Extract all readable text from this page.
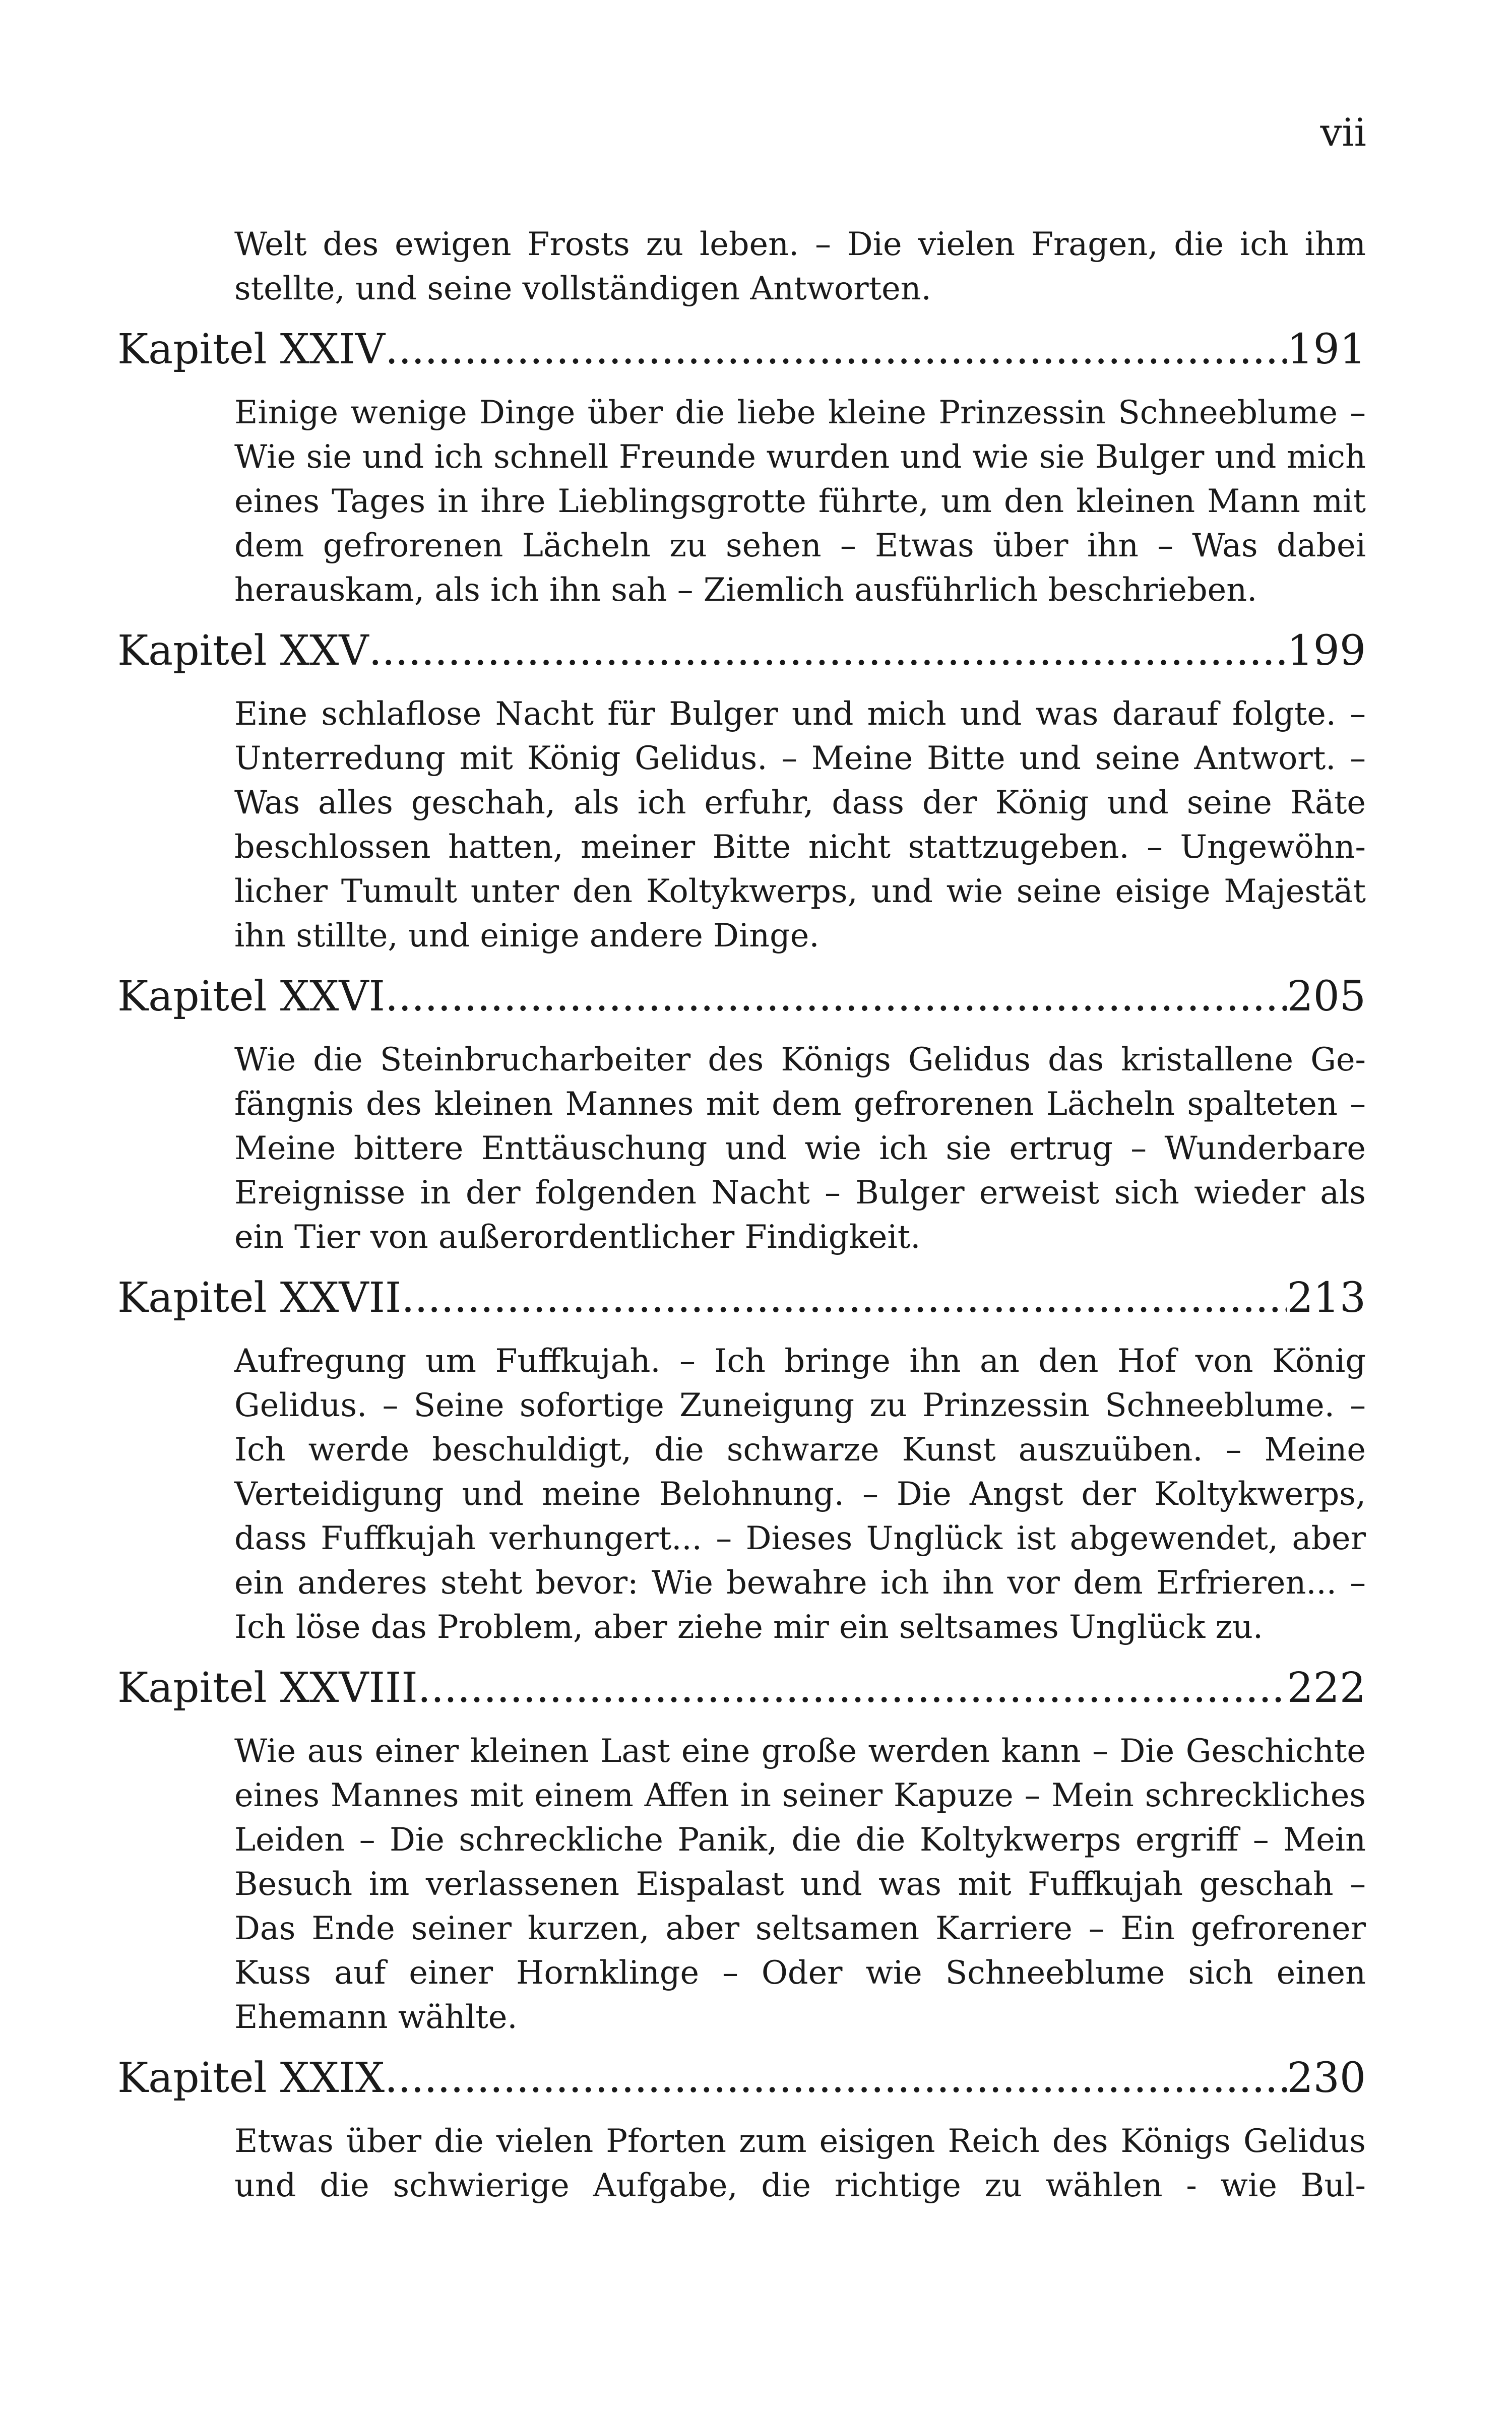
vii
Welt des ewigen Frosts zu leben. – Die vielen Fragen, die ich ihm
stellte, und seine vollständigen Antworten.
Kapitel XXIV .....	191
Einige wenige Dinge über die liebe kleine Prinzessin Schneeblume – Wie sie und ich schnell Freunde wurden und wie sie Bulger und mich eines Tages in ihre Lieblingsgrotte führte, um den kleinen Mann mit dem gefrorenen Lächeln zu sehen – Etwas über ihn – Was dabei herauskam, als ich ihn sah – Ziemlich ausführlich beschrieben.
Kapitel XXV .....	199
Eine schlaflose Nacht für Bulger und mich und was darauf folgte. – Unterredung mit König Gelidus. – Meine Bitte und seine Antwort. – Was alles geschah, als ich erfuhr, dass der König und seine Räte beschlossen hatten, meiner Bitte nicht stattzugeben. – Ungewöhnlicher Tumult unter den Koltykwerps, und wie seine eisige Majestät ihn stillte, und einige andere Dinge.
Kapitel XXVI .....	205
Wie die Steinbrucharbeiter des Königs Gelidus das kristallene Gefängnis des kleinen Mannes mit dem gefrorenen Lächeln spalteten – Meine bittere Enttäuschung und wie ich sie ertrug – Wunderbare Ereignisse in der folgenden Nacht – Bulger erweist sich wieder als ein Tier von außerordentlicher Findigkeit.
Kapitel XXVII .....	213
Aufregung um Fuffkujah. – Ich bringe ihn an den Hof von König Gelidus. – Seine sofortige Zuneigung zu Prinzessin Schneeblume. – Ich werde beschuldigt, die schwarze Kunst auszuüben. – Meine Verteidigung und meine Belohnung. – Die Angst der Koltykwerps, dass Fuffkujah verhungert... – Dieses Unglück ist abgewendet, aber ein anderes steht bevor: Wie bewahre ich ihn vor dem Erfrieren... – Ich löse das Problem, aber ziehe mir ein seltsames Unglück zu.
Kapitel XXVIII .....	222
Wie aus einer kleinen Last eine große werden kann – Die Geschichte eines Mannes mit einem Affen in seiner Kapuze – Mein schreckliches Leiden – Die schreckliche Panik, die die Koltykwerps ergriff – Mein Besuch im verlassenen Eispalast und was mit Fuffkujah geschah – Das Ende seiner kurzen, aber seltsamen Karriere – Ein gefrorener Kuss auf einer Hornklinge – Oder wie Schneeblume sich einen Ehemann wählte.
Kapitel XXIX .....	230
Etwas über die vielen Pforten zum eisigen Reich des Königs Gelidus und die schwierige Aufgabe, die richtige zu wählen - wie Bul-
